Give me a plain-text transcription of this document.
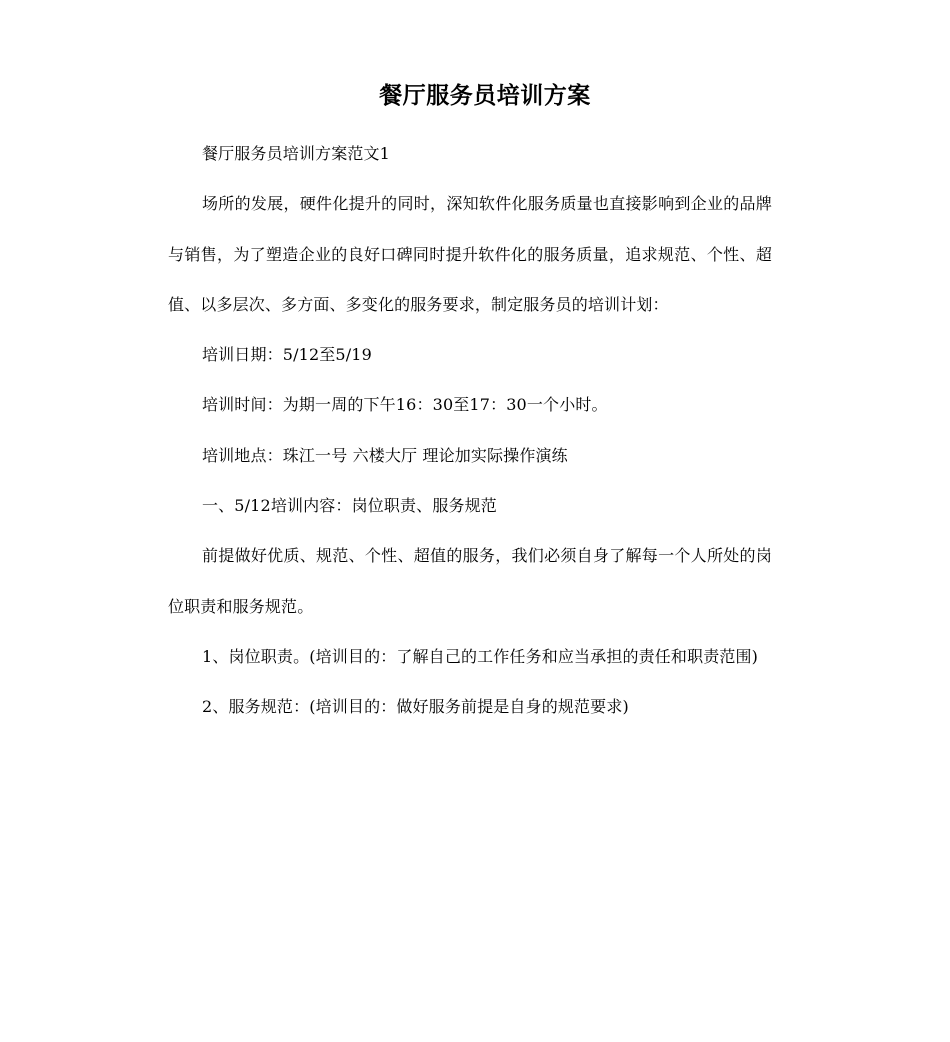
餐厅服务员培训方案

餐厅服务员培训方案范文1

场所的发展，硬件化提升的同时，深知软件化服务质量也直接影响到企业的品牌与销售，为了塑造企业的良好口碑同时提升软件化的服务质量，追求规范、个性、超值、以多层次、多方面、多变化的服务要求，制定服务员的培训计划：

培训日期：5/12至5/19

培训时间：为期一周的下午16：30至17：30一个小时。

培训地点：珠江一号 六楼大厅 理论加实际操作演练

一、5/12培训内容：岗位职责、服务规范

前提做好优质、规范、个性、超值的服务，我们必须自身了解每一个人所处的岗位职责和服务规范。

1、岗位职责。(培训目的：了解自己的工作任务和应当承担的责任和职责范围)

2、服务规范：(培训目的：做好服务前提是自身的规范要求)
